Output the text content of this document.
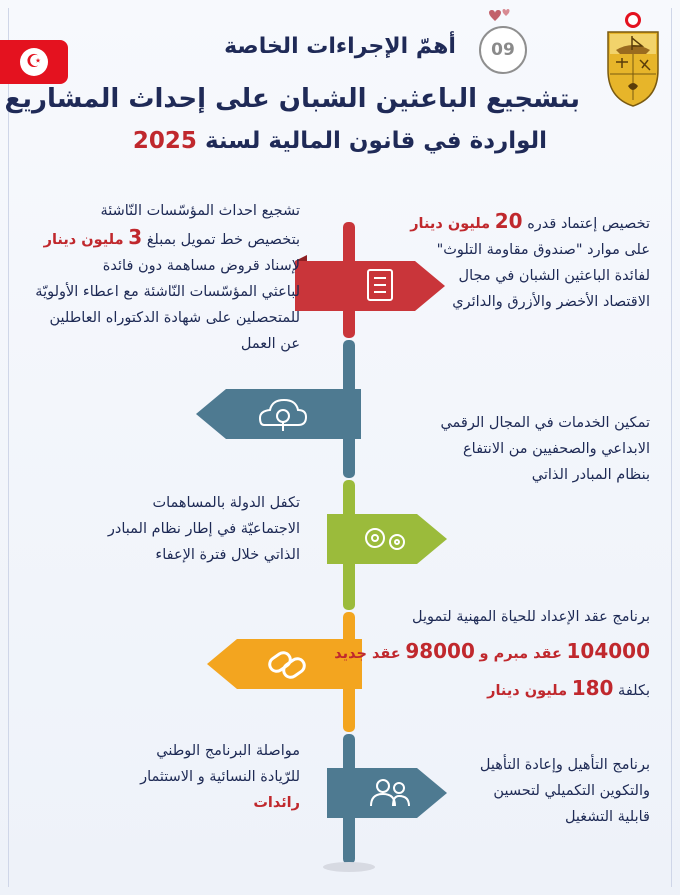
☪
09
أهمّ الإجراءات الخاصة
بتشجيع الباعثين الشبان على إحداث المشاريع
الواردة في قانون المالية لسنة 2025
تشجيع احداث المؤسّسات النّاشئة
بتخصيص خط تمويل بمبلغ 3 مليون دينار
لإسناد قروض مساهمة دون فائدة
لباعثي المؤسّسات النّاشئة مع اعطاء الأولويّة
للمتحصلين على شهادة الدكتوراه العاطلين
عن العمل
تخصيص إعتماد قدره 20 مليون دينار
على موارد "صندوق مقاومة التلوث"
لفائدة الباعثين الشبان في مجال
الاقتصاد الأخضر والأزرق والدائري
تمكين الخدمات في المجال الرقمي
الابداعي والصحفيين من الانتفاع
بنظام المبادر الذاتي
تكفل الدولة بالمساهمات
الاجتماعيّة في إطار نظام المبادر
الذاتي خلال فترة الإعفاء
برنامج عقد الإعداد للحياة المهنية لتمويل
104000 عقد مبرم و 98000 عقد جديد
بكلفة 180 مليون دينار
مواصلة البرنامج الوطني
للرّيادة النسائية و الاستثمار
رائدات
برنامج التأهيل وإعادة التأهيل
والتكوين التكميلي لتحسين
قابلية التشغيل
